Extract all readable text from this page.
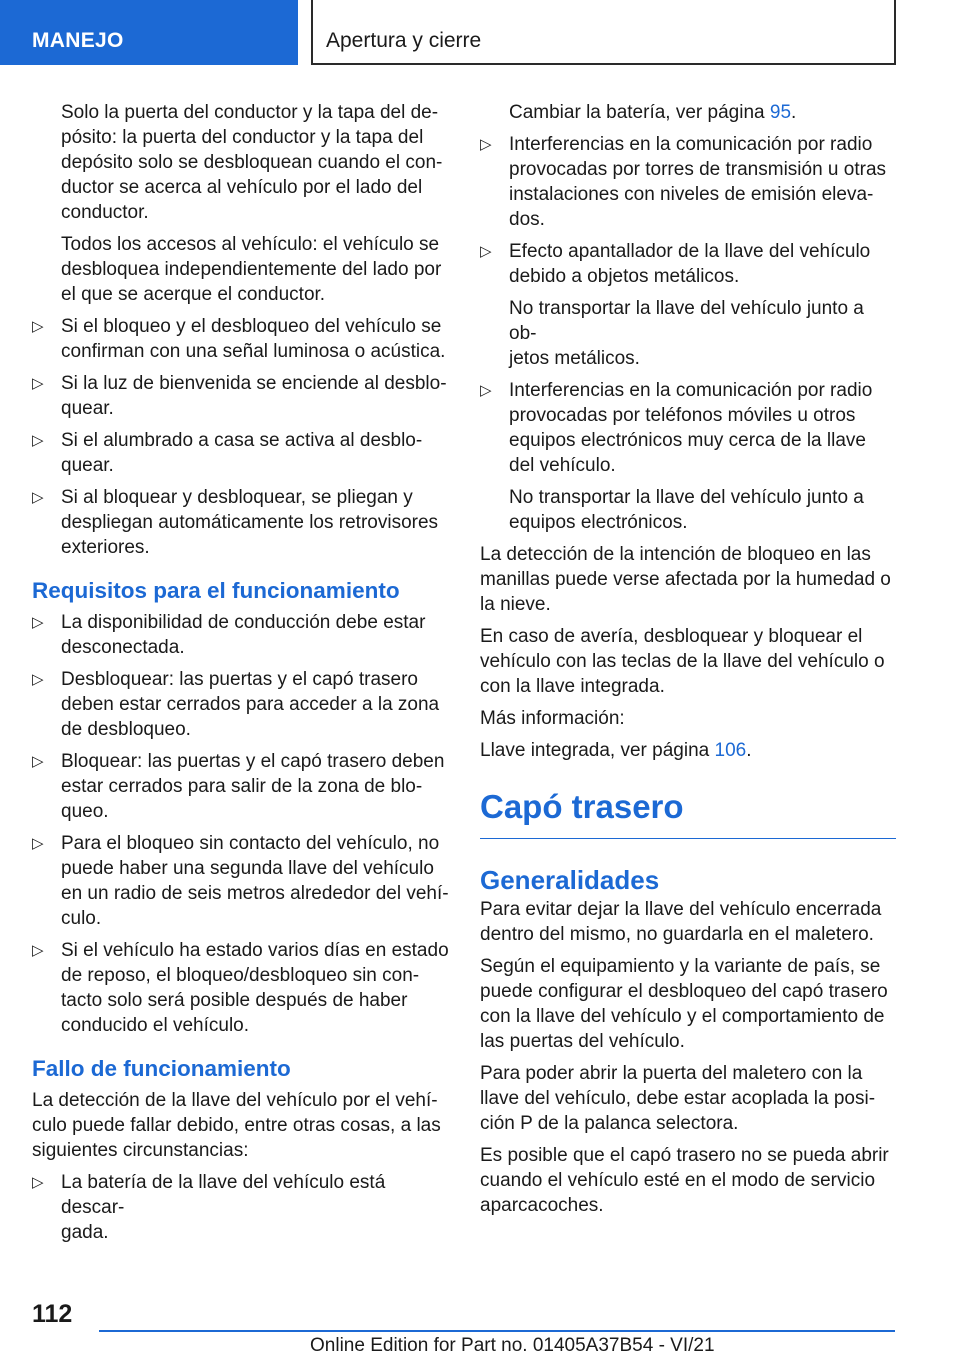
MANEJO	Apertura y cierre
Solo la puerta del conductor y la tapa del de-
pósito: la puerta del conductor y la tapa del
depósito solo se desbloquean cuando el con-
ductor se acerca al vehículo por el lado del
conductor.
Todos los accesos al vehículo: el vehículo se
desbloquea independientemente del lado por
el que se acerque el conductor.
▷ Si el bloqueo y el desbloqueo del vehículo se
confirman con una señal luminosa o acústica.
▷ Si la luz de bienvenida se enciende al desblo-
quear.
▷ Si el alumbrado a casa se activa al desblo-
quear.
▷ Si al bloquear y desbloquear, se pliegan y
despliegan automáticamente los retrovisores
exteriores.
Requisitos para el funcionamiento
▷ La disponibilidad de conducción debe estar
desconectada.
▷ Desbloquear: las puertas y el capó trasero
deben estar cerrados para acceder a la zona
de desbloqueo.
▷ Bloquear: las puertas y el capó trasero deben
estar cerrados para salir de la zona de blo-
queo.
▷ Para el bloqueo sin contacto del vehículo, no
puede haber una segunda llave del vehículo
en un radio de seis metros alrededor del vehí-
culo.
▷ Si el vehículo ha estado varios días en estado
de reposo, el bloqueo/desbloqueo sin con-
tacto solo será posible después de haber
conducido el vehículo.
Fallo de funcionamiento
La detección de la llave del vehículo por el vehí-
culo puede fallar debido, entre otras cosas, a las
siguientes circunstancias:
▷ La batería de la llave del vehículo está descar-
gada.
Cambiar la batería, ver página 95.
▷ Interferencias en la comunicación por radio
provocadas por torres de transmisión u otras
instalaciones con niveles de emisión eleva-
dos.
▷ Efecto apantallador de la llave del vehículo
debido a objetos metálicos.
No transportar la llave del vehículo junto a ob-
jetos metálicos.
▷ Interferencias en la comunicación por radio
provocadas por teléfonos móviles u otros
equipos electrónicos muy cerca de la llave
del vehículo.
No transportar la llave del vehículo junto a
equipos electrónicos.
La detección de la intención de bloqueo en las
manillas puede verse afectada por la humedad o
la nieve.
En caso de avería, desbloquear y bloquear el
vehículo con las teclas de la llave del vehículo o
con la llave integrada.
Más información:
Llave integrada, ver página 106.
Capó trasero
Generalidades
Para evitar dejar la llave del vehículo encerrada
dentro del mismo, no guardarla en el maletero.
Según el equipamiento y la variante de país, se
puede configurar el desbloqueo del capó trasero
con la llave del vehículo y el comportamiento de
las puertas del vehículo.
Para poder abrir la puerta del maletero con la
llave del vehículo, debe estar acoplada la posi-
ción P de la palanca selectora.
Es posible que el capó trasero no se pueda abrir
cuando el vehículo esté en el modo de servicio
aparcacoches.
112
Online Edition for Part no. 01405A37B54 - VI/21
